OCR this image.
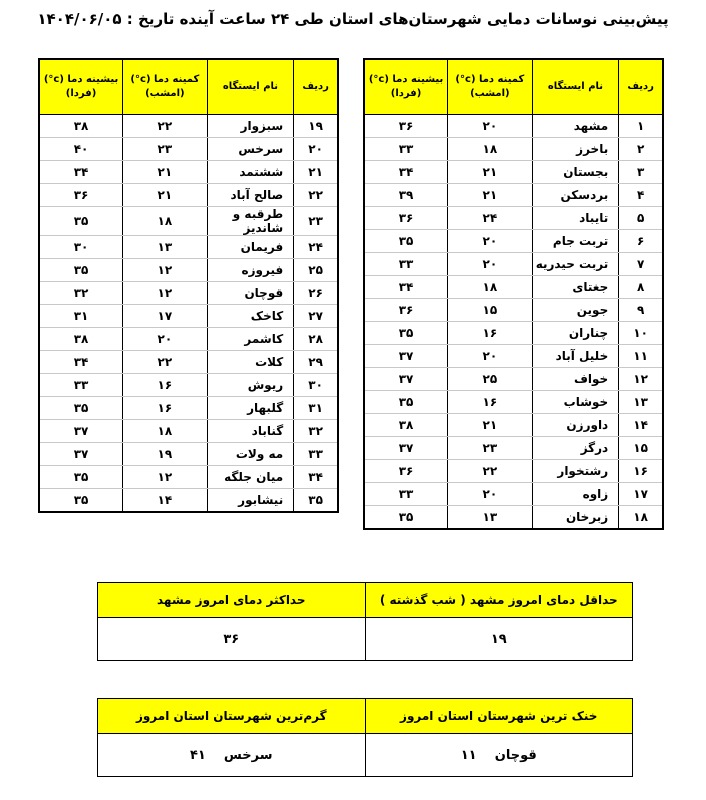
پیش‌بینی نوسانات دمایی شهرستان‌های استان طی ۲۴ ساعت آینده تاریخ : ۱۴۰۴/۰۶/۰۵
ردیف	نام ایستگاه	کمینه دما (c°)
(امشب)	بیشینه دما (c°)
(فردا)
۱	مشهد	۲۰	۳۶
۲	باخرز	۱۸	۳۳
۳	بجستان	۲۱	۳۴
۴	بردسکن	۲۱	۳۹
۵	تایباد	۲۴	۳۶
۶	تربت جام	۲۰	۳۵
۷	تربت حیدریه	۲۰	۳۳
۸	جغتای	۱۸	۳۴
۹	جوین	۱۵	۳۶
۱۰	چناران	۱۶	۳۵
۱۱	خلیل آباد	۲۰	۳۷
۱۲	خواف	۲۵	۳۷
۱۳	خوشاب	۱۶	۳۵
۱۴	داورزن	۲۱	۳۸
۱۵	درگز	۲۳	۳۷
۱۶	رشتخوار	۲۲	۳۶
۱۷	زاوه	۲۰	۳۳
۱۸	زبرخان	۱۳	۳۵
ردیف	نام ایستگاه	کمینه دما (c°)
(امشب)	بیشینه دما (c°)
(فردا)
۱۹	سبزوار	۲۲	۳۸
۲۰	سرخس	۲۳	۴۰
۲۱	ششتمد	۲۱	۳۴
۲۲	صالح آباد	۲۱	۳۶
۲۳	طرقبه و شاندیز	۱۸	۳۵
۲۴	فریمان	۱۳	۳۰
۲۵	فیروزه	۱۲	۳۵
۲۶	قوچان	۱۲	۳۲
۲۷	کاخک	۱۷	۳۱
۲۸	کاشمر	۲۰	۳۸
۲۹	کلات	۲۲	۳۴
۳۰	ریوش	۱۶	۳۳
۳۱	گلبهار	۱۶	۳۵
۳۲	گناباد	۱۸	۳۷
۳۳	مه ولات	۱۹	۳۷
۳۴	میان جلگه	۱۲	۳۵
۳۵	نیشابور	۱۴	۳۵
حداقل دمای امروز مشهد ( شب گذشته )	حداکثر دمای امروز مشهد
۱۹	۳۶
خنک ترین شهرستان استان امروز	گرم‌ترین شهرستان استان امروز
قوچان    ۱۱	سرخس    ۴۱
